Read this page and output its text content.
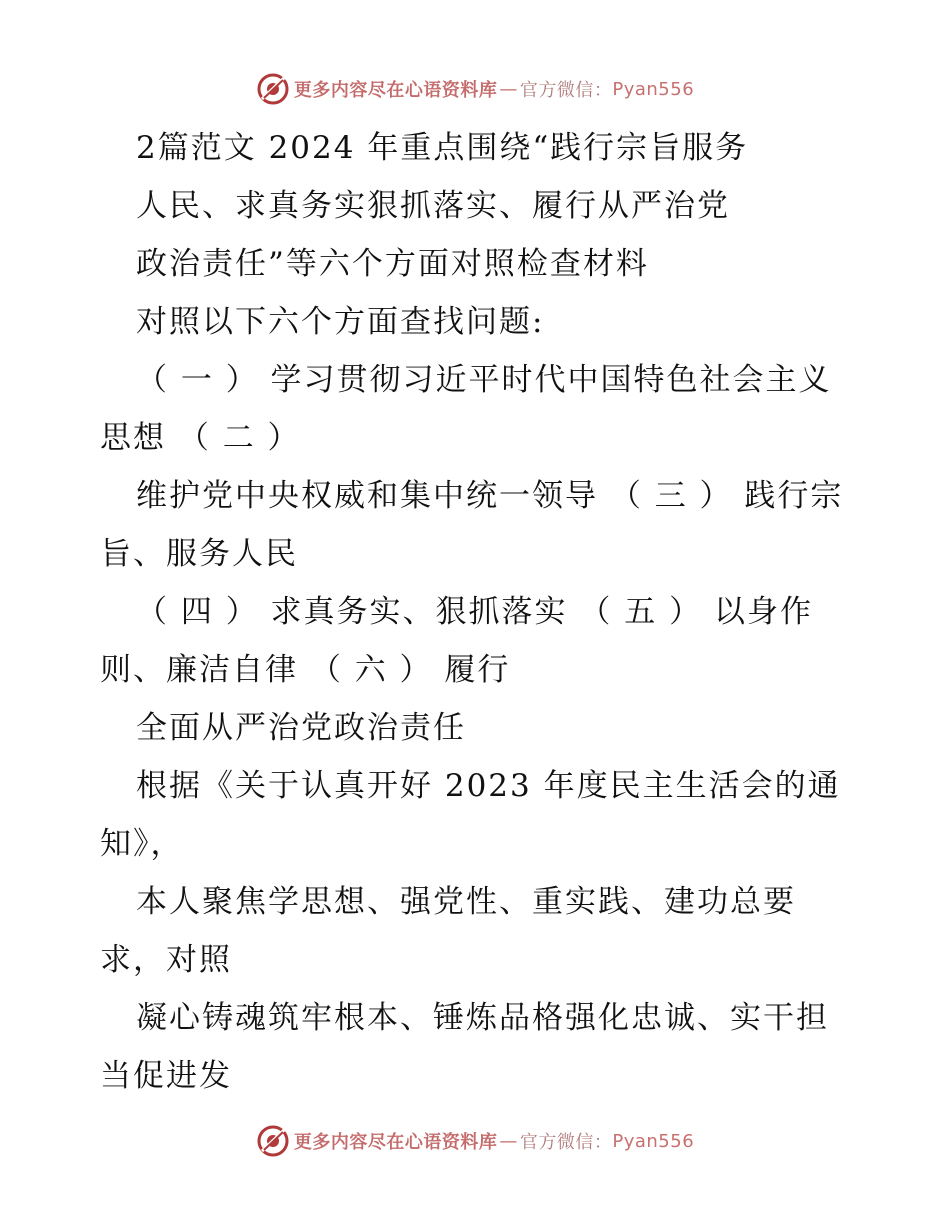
更多内容尽在心语资料库 — 官方微信： Pyan556
2篇范文 2024 年重点围绕“践行宗旨服务
人民、求真务实狠抓落实、履行从严治党
政治责任”等六个方面对照检查材料
对照以下六个方面查找问题:
（ 一 ） 学习贯彻习近平时代中国特色社会主义
思想 （ 二 ）
维护党中央权威和集中统一领导 （ 三 ） 践行宗
旨、服务人民
（ 四 ） 求真务实、狠抓落实 （ 五 ） 以身作
则、廉洁自律 （ 六 ） 履行
全面从严治党政治责任
根据《关于认真开好 2023 年度民主生活会的通
知》，
本人聚焦学思想、强党性、重实践、建功总要
求，对照
凝心铸魂筑牢根本、锤炼品格强化忠诚、实干担
当促进发
更多内容尽在心语资料库 — 官方微信： Pyan556
